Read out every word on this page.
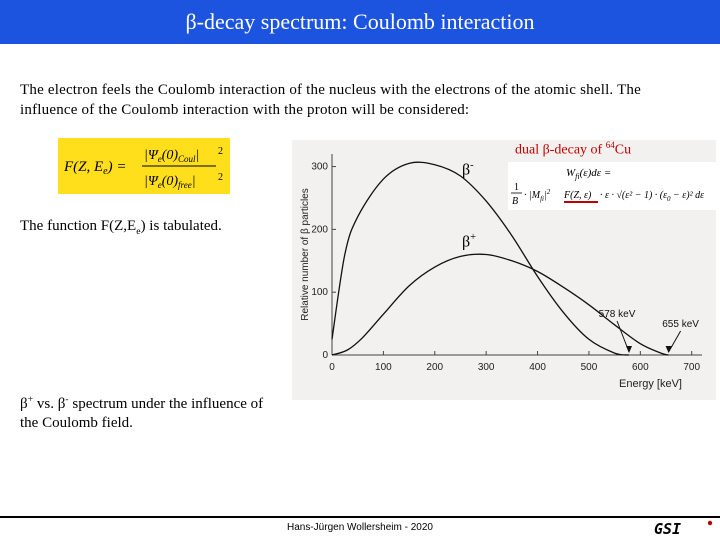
β-decay spectrum: Coulomb interaction
The electron feels the Coulomb interaction of the nucleus with the electrons of the atomic shell. The influence of the Coulomb interaction with the proton will be considered:
F(Z, $E_e$) =
$|\Psi_e(0)_{Coul}|$
$|\Psi_e(0)_{free}|$
2
2
The function $F(Z,E_e)$ is tabulated.
β+ vs. β- spectrum under the influence of the Coulomb field.
0	100	200	300	400	500	600	700
0
100
200
300
578 keV
655 keV
Relative number of β particles
Energy [keV]
β-
β+
dual β-decay of $^{64}$Cu
$W_{fi}(\varepsilon)d\varepsilon$ =
1
B
· $|M_{fi}|^2$ F(Z, $\varepsilon) \cdot \varepsilon \cdot √(\varepsilon^2 - 1) \cdot (\varepsilon_0 - \varepsilon)^2$ dε
Hans-Jürgen Wollersheim - 2020	GSI
